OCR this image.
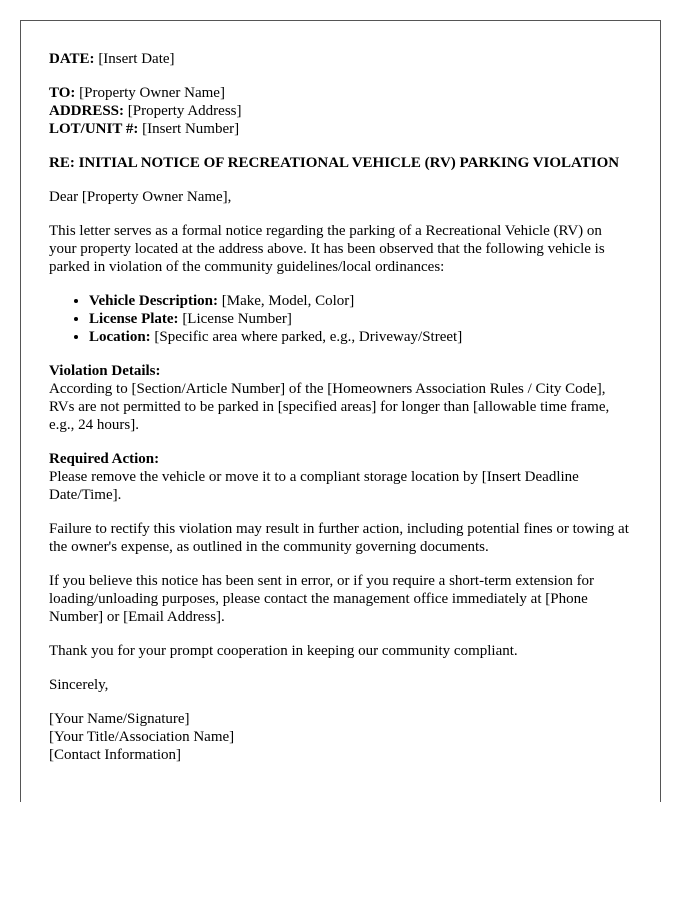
DATE: [Insert Date]
TO: [Property Owner Name]
ADDRESS: [Property Address]
LOT/UNIT #: [Insert Number]
RE: INITIAL NOTICE OF RECREATIONAL VEHICLE (RV) PARKING VIOLATION

Dear [Property Owner Name],

This letter serves as a formal notice regarding the parking of a Recreational Vehicle (RV) on your property located at the address above. It has been observed that the following vehicle is parked in violation of the community guidelines/local ordinances:

• Vehicle Description: [Make, Model, Color]
• License Plate: [License Number]
• Location: [Specific area where parked, e.g., Driveway/Street]
Violation Details:
According to [Section/Article Number] of the [Homeowners Association Rules / City Code], RVs are not permitted to be parked in [specified areas] for longer than [allowable time frame, e.g., 24 hours].
Required Action:
Please remove the vehicle or move it to a compliant storage location by [Insert Deadline Date/Time].

Failure to rectify this violation may result in further action, including potential fines or towing at the owner's expense, as outlined in the community governing documents.

If you believe this notice has been sent in error, or if you require a short-term extension for loading/unloading purposes, please contact the management office immediately at [Phone Number] or [Email Address].

Thank you for your prompt cooperation in keeping our community compliant.

Sincerely,

[Your Name/Signature]
[Your Title/Association Name]
[Contact Information]
